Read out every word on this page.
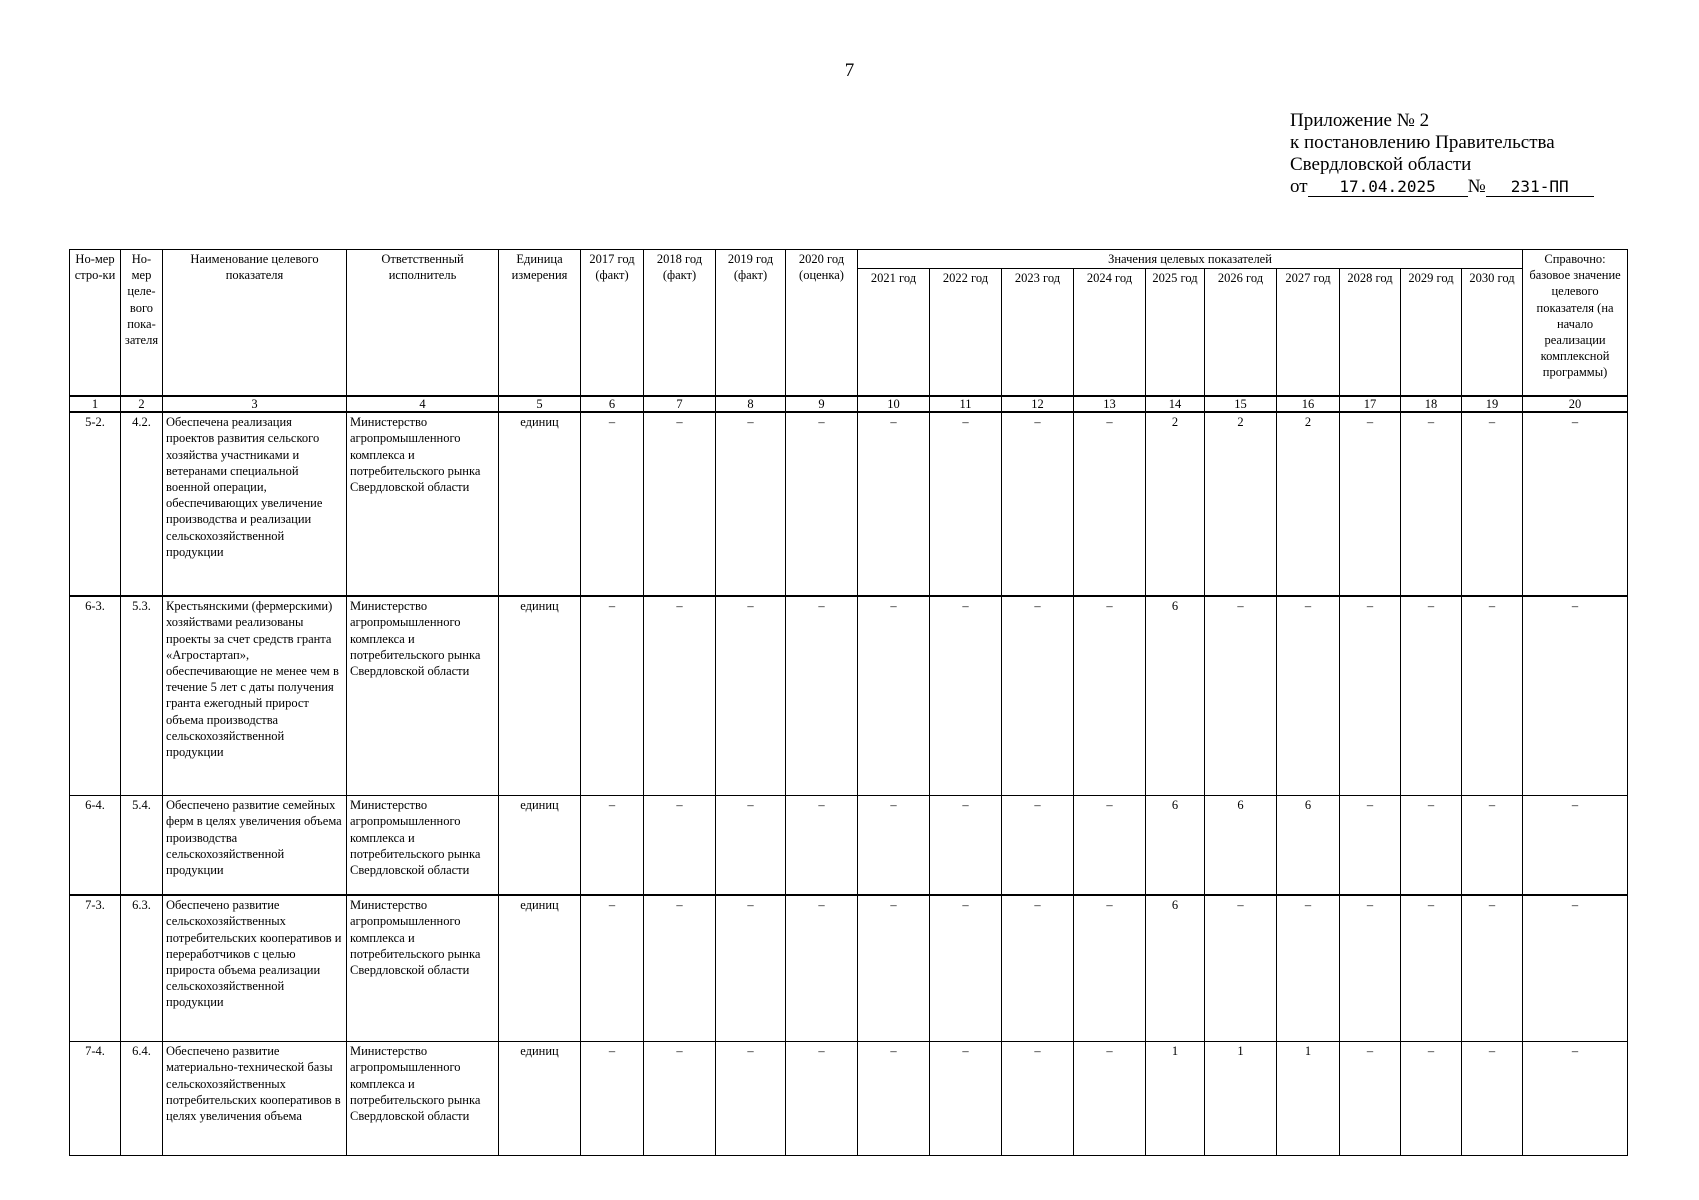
7
Приложение № 2
к постановлению Правительства
Свердловской области
от 17.04.2025 № 231-ПП
Но-мер стро-ки	Но-мер целе-вого пока-зателя	Наименование целевого показателя	Ответственный исполнитель	Единица измерения	2017 год (факт)	2018 год (факт)	2019 год (факт)	2020 год (оценка)	Значения целевых показателей										Справочно: базовое значение целевого показателя (на начало реализации комплексной программы)
									2021 год	2022 год	2023 год	2024 год	2025 год	2026 год	2027 год	2028 год	2029 год	2030 год	
1	2	3	4	5	6	7	8	9	10	11	12	13	14	15	16	17	18	19	20
5-2.	4.2.	Обеспечена реализация проектов развития сельского хозяйства участниками и ветеранами специальной военной операции, обеспечивающих увеличение производства и реализации сельскохозяйственной продукции	Министерство агропромышленного комплекса и потребительского рынка Свердловской области	единиц	–	–	–	–	–	–	–	–	2	2	2	–	–	–	–
6-3.	5.3.	Крестьянскими (фермерскими) хозяйствами реализованы проекты за счет средств гранта «Агростартап», обеспечивающие не менее чем в течение 5 лет с даты получения гранта ежегодный прирост объема производства сельскохозяйственной продукции	Министерство агропромышленного комплекса и потребительского рынка Свердловской области	единиц	–	–	–	–	–	–	–	–	6	–	–	–	–	–	–
6-4.	5.4.	Обеспечено развитие семейных ферм в целях увеличения объема производства сельскохозяйственной продукции	Министерство агропромышленного комплекса и потребительского рынка Свердловской области	единиц	–	–	–	–	–	–	–	–	6	6	6	–	–	–	–
7-3.	6.3.	Обеспечено развитие сельскохозяйственных потребительских кооперативов и переработчиков с целью прироста объема реализации сельскохозяйственной продукции	Министерство агропромышленного комплекса и потребительского рынка Свердловской области	единиц	–	–	–	–	–	–	–	–	6	–	–	–	–	–	–
7-4.	6.4.	Обеспечено развитие материально-технической базы сельскохозяйственных потребительских кооперативов в целях увеличения объема	Министерство агропромышленного комплекса и потребительского рынка Свердловской области	единиц	–	–	–	–	–	–	–	–	1	1	1	–	–	–	–
